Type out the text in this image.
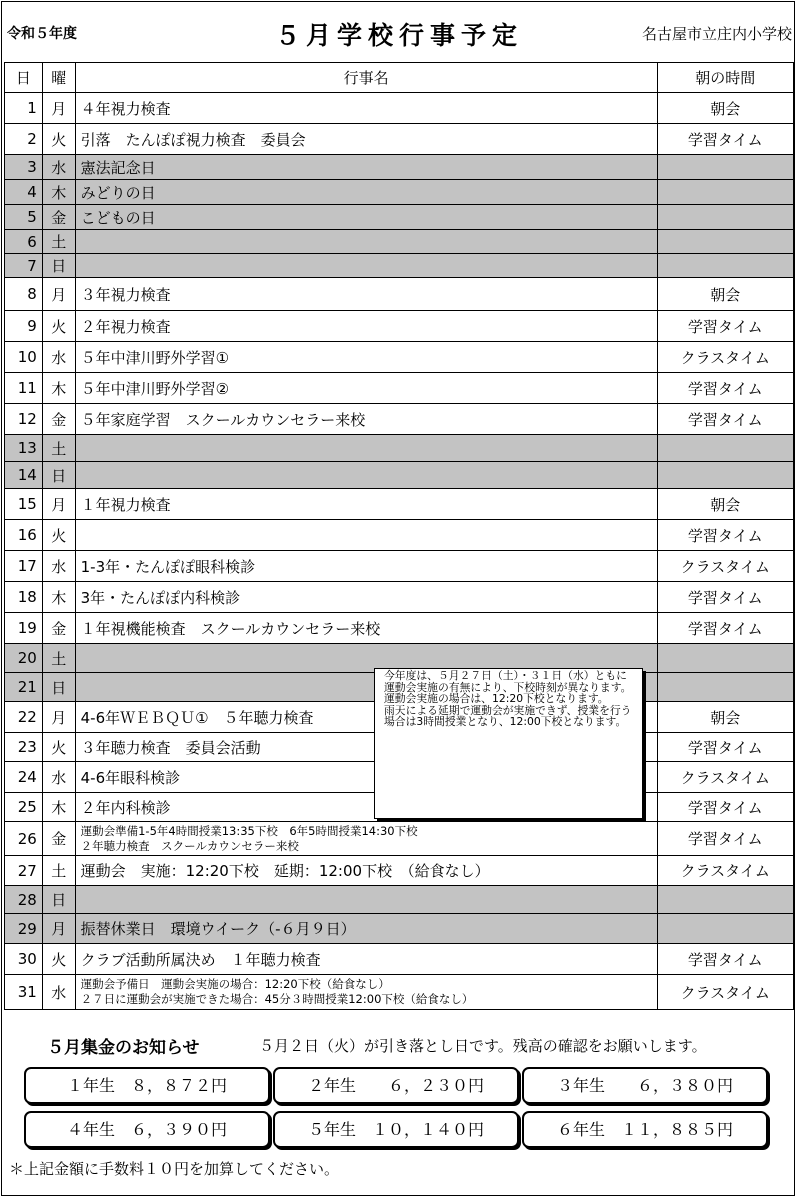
令和５年度	５月学校行事予定	名古屋市立庄内小学校
日	曜	行事名	朝の時間
1	月	４年視力検査	朝会
2	火	引落　たんぽぽ視力検査　委員会	学習タイム
3	水	憲法記念日	
4	木	みどりの日	
5	金	こどもの日	
6	土		
7	日		
8	月	３年視力検査	朝会
9	火	２年視力検査	学習タイム
10	水	５年中津川野外学習①	クラスタイム
11	木	５年中津川野外学習②	学習タイム
12	金	５年家庭学習　スクールカウンセラー来校	学習タイム
13	土		
14	日		
15	月	１年視力検査	朝会
16	火		学習タイム
17	水	1-3年・たんぽぽ眼科検診	クラスタイム
18	木	3年・たんぽぽ内科検診	学習タイム
19	金	１年視機能検査　スクールカウンセラー来校	学習タイム
20	土		
21	日		
22	月	4-6年ＷＥＢＱＵ①　５年聴力検査	朝会
23	火	３年聴力検査　委員会活動	学習タイム
24	水	4-6年眼科検診	クラスタイム
25	木	２年内科検診	学習タイム
26	金	運動会準備1-5年4時間授業13:35下校　6年5時間授業14:30下校
２年聴力検査　スクールカウンセラー来校	学習タイム
27	土	運動会　実施：12:20下校　延期：12:00下校　（給食なし）	クラスタイム
28	日		
29	月	振替休業日　環境ウイーク（-６月９日）	
30	火	クラブ活動所属決め　１年聴力検査	学習タイム
31	水	運動会予備日　運動会実施の場合：12:20下校（給食なし）
２７日に運動会が実施できた場合：45分３時間授業12:00下校（給食なし）	クラスタイム
今年度は、５月２７日（土）・３１日（水）ともに
運動会実施の有無により、下校時刻が異なります。
運動会実施の場合は、12:20下校となります。
雨天による延期で運動会が実施できず、授業を行う場合は3時間授業となり、12:00下校となります。
５月集金のお知らせ	５月２日（火）が引き落とし日です。残高の確認をお願いします。
１年生　８，８７２円	２年生　　６，２３０円	３年生　　６，３８０円
４年生　６，３９０円	５年生　１０，１４０円	６年生　１１，８８５円
＊上記金額に手数料１０円を加算してください。
